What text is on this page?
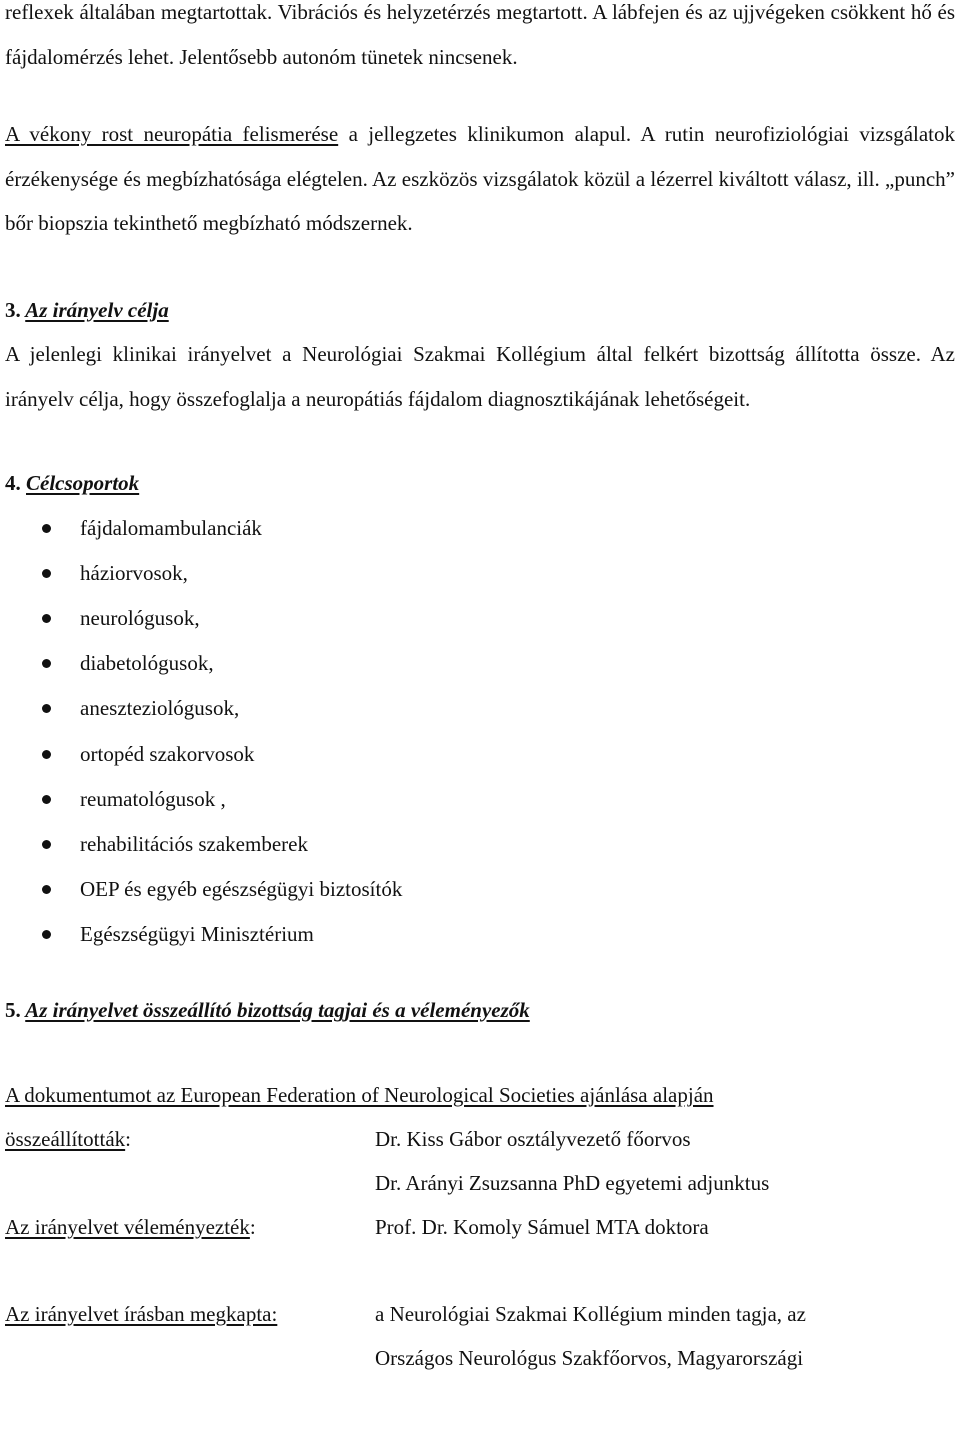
reflexek általában megtartottak. Vibrációs és helyzetérzés megtartott. A lábfejen és az ujjvégeken csökkent hő és fájdalomérzés lehet. Jelentősebb autonóm tünetek nincsenek.

A vékony rost neuropátia felismerése a jellegzetes klinikumon alapul. A rutin neurofiziológiai vizsgálatok érzékenysége és megbízhatósága elégtelen. Az eszközös vizsgálatok közül a lézerrel kiváltott válasz, ill. „punch” bőr biopszia tekinthető megbízható módszernek.

3. Az irányelv célja

A jelenlegi klinikai irányelvet a Neurológiai Szakmai Kollégium által felkért bizottság állította össze. Az irányelv célja, hogy összefoglalja a neuropátiás fájdalom diagnosztikájának lehetőségeit.

4. Célcsoportok

fájdalomambulanciák
háziorvosok,
neurológusok,
diabetológusok,
aneszteziológusok,
ortopéd szakorvosok
reumatológusok ,
rehabilitációs szakemberek
OEP és egyéb egészségügyi biztosítók
Egészségügyi Minisztérium

5. Az irányelvet összeállító bizottság tagjai és a véleményezők

A dokumentumot az European Federation of Neurological Societies ajánlása alapján

összeállították:	Dr. Kiss Gábor osztályvezető főorvos
Dr. Arányi Zsuzsanna PhD egyetemi adjunktus
Az irányelvet véleményezték:	Prof. Dr. Komoly Sámuel MTA doktora
Az irányelvet írásban megkapta:	a Neurológiai Szakmai Kollégium minden tagja, az
Országos Neurológus Szakfőorvos, Magyarországi
